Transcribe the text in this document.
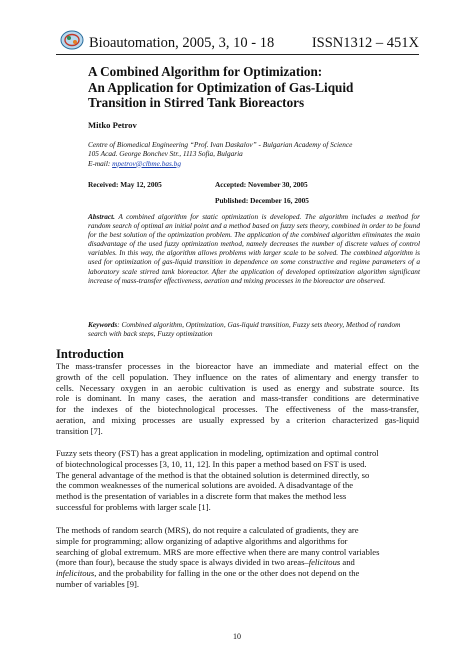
Bioautomation, 2005, 3, 10 - 18	ISSN1312 – 451X
A Combined Algorithm for Optimization:
An Application for Optimization of Gas-Liquid
Transition in Stirred Tank Bioreactors
Mitko Petrov
Centre of Biomedical Engineering “Prof. Ivan Daskalov” - Bulgarian Academy of Science
105 Acad. George Bonchev Str., 1113 Sofia, Bulgaria
E-mail: mpetrov@clbme.bas.bg
Received: May 12, 2005	Accepted: November 30, 2005
Published: December 16, 2005
Abstract. A combined algorithm for static optimization is developed. The algorithm includes a method for random search of optimal an initial point and a method based on fuzzy sets theory, combined in order to be found for the best solution of the optimization problem. The application of the combined algorithm eliminates the main disadvantage of the used fuzzy optimization method, namely decreases the number of discrete values of control variables. In this way, the algorithm allows problems with larger scale to be solved. The combined algorithm is used for optimization of gas-liquid transition in dependence on some constructive and regime parameters of a laboratory scale stirred tank bioreactor. After the application of developed optimization algorithm significant increase of mass-transfer effectiveness, aeration and mixing processes in the bioreactor are observed.
Keywords: Combined algorithm, Optimization, Gas-liquid transition, Fuzzy sets theory, Method of random search with back steps, Fuzzy optimization
Introduction
The mass-transfer processes in the bioreactor have an immediate and material effect on the
growth of the cell population. They influence on the rates of alimentary and energy transfer to
cells. Necessary oxygen in an aerobic cultivation is used as energy and substrate source. Its
role is dominant. In many cases, the aeration and mass-transfer conditions are determinative
for the indexes of the biotechnological processes. The effectiveness of the mass-transfer,
aeration, and mixing processes are usually expressed by a criterion characterized gas-liquid
transition [7].
Fuzzy sets theory (FST) has a great application in modeling, optimization and optimal control
of biotechnological processes [3, 10, 11, 12]. In this paper a method based on FST is used.
The general advantage of the method is that the obtained solution is determined directly, so
the common weaknesses of the numerical solutions are avoided. A disadvantage of the
method is the presentation of variables in a discrete form that makes the method less
successful for problems with larger scale [1].
The methods of random search (MRS), do not require a calculated of gradients, they are
simple for programming; allow organizing of adaptive algorithms and algorithms for
searching of global extremum. MRS are more effective when there are many control variables
(more than four), because the study space is always divided in two areas–felicitous and
infelicitous, and the probability for falling in the one or the other does not depend on the
number of variables [9].
10
